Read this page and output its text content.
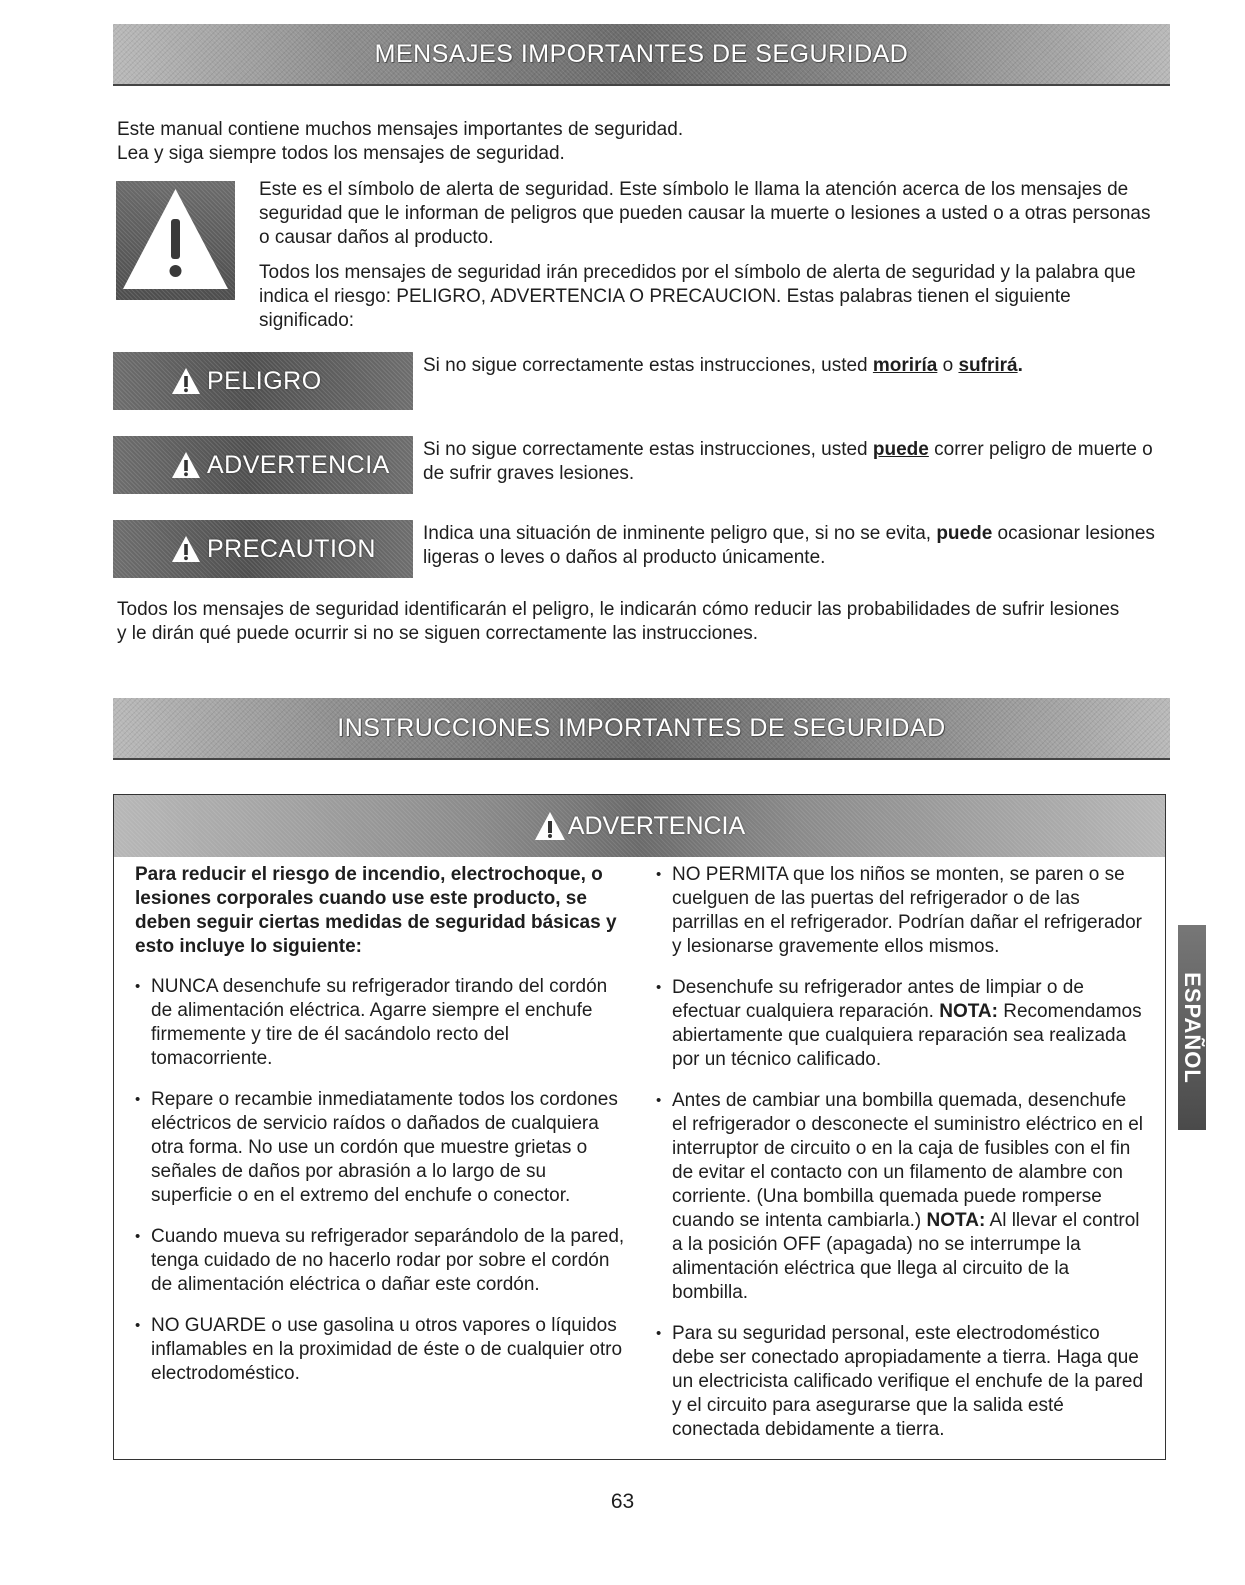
MENSAJES IMPORTANTES DE SEGURIDAD

Este manual contiene muchos mensajes importantes de seguridad.

Lea y siga siempre todos los mensajes de seguridad.

Este es el símbolo de alerta de seguridad. Este símbolo le llama la atención acerca de los mensajes de seguridad que le informan de peligros que pueden causar la muerte o lesiones a usted o a otras personas o causar daños al producto.

Todos los mensajes de seguridad irán precedidos por el símbolo de alerta de seguridad y la palabra que indica el riesgo: PELIGRO, ADVERTENCIA O PRECAUCION. Estas palabras tienen el siguiente significado:

PELIGRO

Si no sigue correctamente estas instrucciones, usted moriría o sufrirá.

ADVERTENCIA

Si no sigue correctamente estas instrucciones, usted puede correr peligro de muerte o de sufrir graves lesiones.

PRECAUTION

Indica una situación de inminente peligro que, si no se evita, puede ocasionar lesiones ligeras o leves o daños al producto únicamente.

Todos los mensajes de seguridad identificarán el peligro, le indicarán cómo reducir las probabilidades de sufrir lesiones y le dirán qué puede ocurrir si no se siguen correctamente las instrucciones.

INSTRUCCIONES IMPORTANTES DE SEGURIDAD
ADVERTENCIA

Para reducir el riesgo de incendio, electrochoque, o lesiones corporales cuando use este producto, se deben seguir ciertas medidas de seguridad básicas y esto incluye lo siguiente:

• NUNCA desenchufe su refrigerador tirando del cordón de alimentación eléctrica. Agarre siempre el enchufe firmemente y tire de él sacándolo recto del tomacorriente.
• Repare o recambie inmediatamente todos los cordones eléctricos de servicio raídos o dañados de cualquiera otra forma. No use un cordón que muestre grietas o señales de daños por abrasión a lo largo de su superficie o en el extremo del enchufe o conector.
• Cuando mueva su refrigerador separándolo de la pared, tenga cuidado de no hacerlo rodar por sobre el cordón de alimentación eléctrica o dañar este cordón.
• NO GUARDE o use gasolina u otros vapores o líquidos inflamables en la proximidad de éste o de cualquier otro electrodoméstico.
• NO PERMITA que los niños se monten, se paren o se cuelguen de las puertas del refrigerador o de las parrillas en el refrigerador. Podrían dañar el refrigerador y lesionarse gravemente ellos mismos.
• Desenchufe su refrigerador antes de limpiar o de efectuar cualquiera reparación. NOTA: Recomendamos abiertamente que cualquiera reparación sea realizada por un técnico calificado.
• Antes de cambiar una bombilla quemada, desenchufe el refrigerador o desconecte el suministro eléctrico en el interruptor de circuito o en la caja de fusibles con el fin de evitar el contacto con un filamento de alambre con corriente. (Una bombilla quemada puede romperse cuando se intenta cambiarla.) NOTA: Al llevar el control a la posición OFF (apagada) no se interrumpe la alimentación eléctrica que llega al circuito de la bombilla.
• Para su seguridad personal, este electrodoméstico debe ser conectado apropiadamente a tierra. Haga que un electricista calificado verifique el enchufe de la pared y el circuito para asegurarse que la salida esté conectada debidamente a tierra.
ESPAÑOL
63
